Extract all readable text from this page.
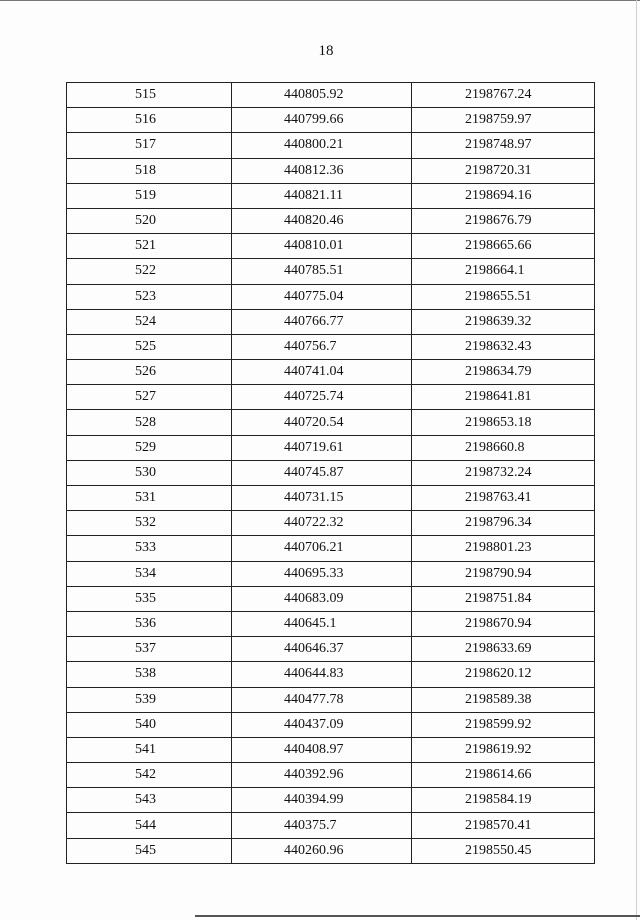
18
515	440805.92	2198767.24
516	440799.66	2198759.97
517	440800.21	2198748.97
518	440812.36	2198720.31
519	440821.11	2198694.16
520	440820.46	2198676.79
521	440810.01	2198665.66
522	440785.51	2198664.1
523	440775.04	2198655.51
524	440766.77	2198639.32
525	440756.7	2198632.43
526	440741.04	2198634.79
527	440725.74	2198641.81
528	440720.54	2198653.18
529	440719.61	2198660.8
530	440745.87	2198732.24
531	440731.15	2198763.41
532	440722.32	2198796.34
533	440706.21	2198801.23
534	440695.33	2198790.94
535	440683.09	2198751.84
536	440645.1	2198670.94
537	440646.37	2198633.69
538	440644.83	2198620.12
539	440477.78	2198589.38
540	440437.09	2198599.92
541	440408.97	2198619.92
542	440392.96	2198614.66
543	440394.99	2198584.19
544	440375.7	2198570.41
545	440260.96	2198550.45
